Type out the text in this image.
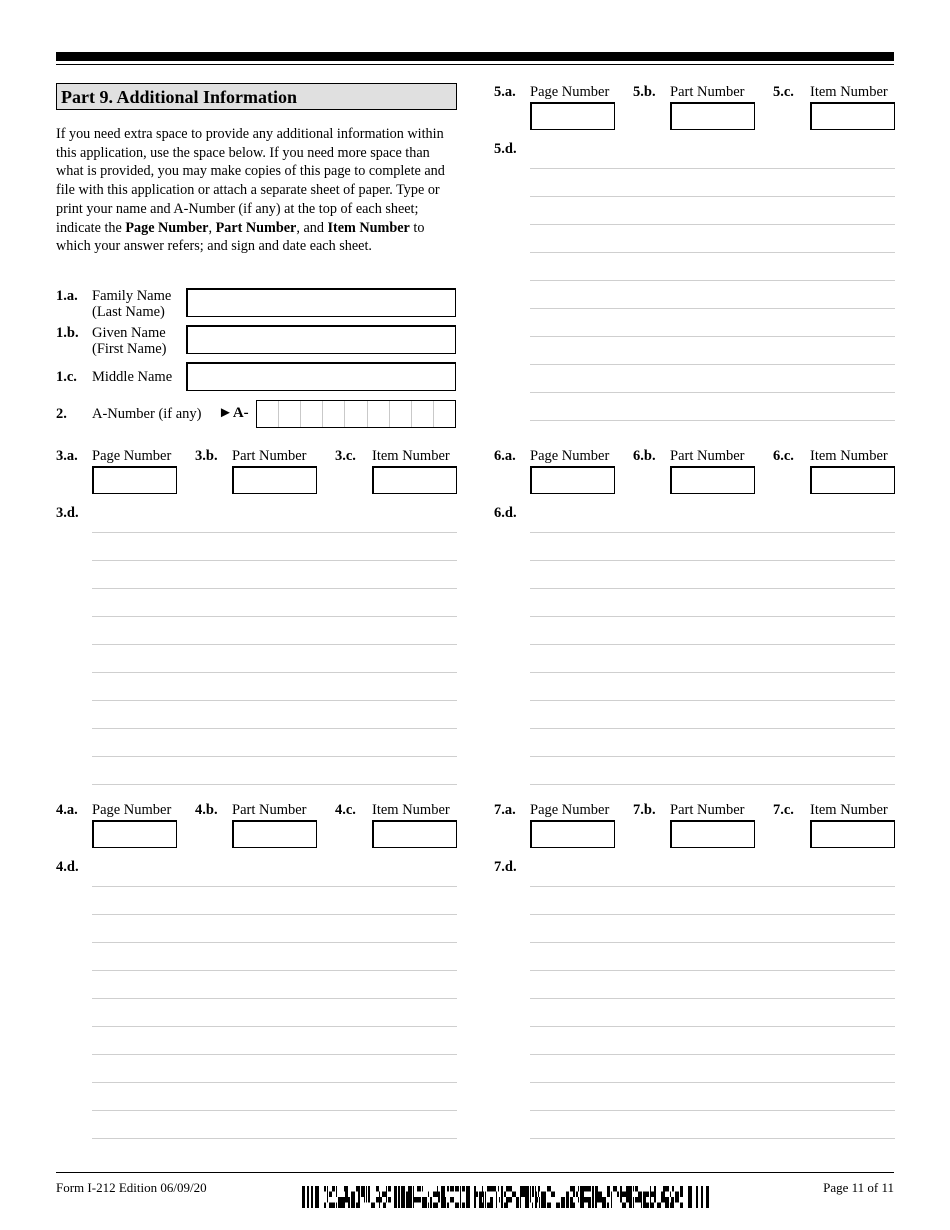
Part 9. Additional Information
If you need extra space to provide any additional information within this application, use the space below. If you need more space than what is provided, you may make copies of this page to complete and file with this application or attach a separate sheet of paper. Type or print your name and A-Number (if any) at the top of each sheet; indicate the Page Number, Part Number, and Item Number to which your answer refers; and sign and date each sheet.
1.a. Family Name
(Last Name)
1.b. Given Name
(First Name)
1.c. Middle Name
2. A-Number (if any) ►A-
3.a. Page Number 3.b. Part Number 3.c. Item Number
3.d.
4.a. Page Number 4.b. Part Number 4.c. Item Number
4.d.
5.a. Page Number 5.b. Part Number 5.c. Item Number
5.d.
6.a. Page Number 6.b. Part Number 6.c. Item Number
6.d.
7.a. Page Number 7.b. Part Number 7.c. Item Number
7.d.
Form I-212 Edition 06/09/20	Page 11 of 11
